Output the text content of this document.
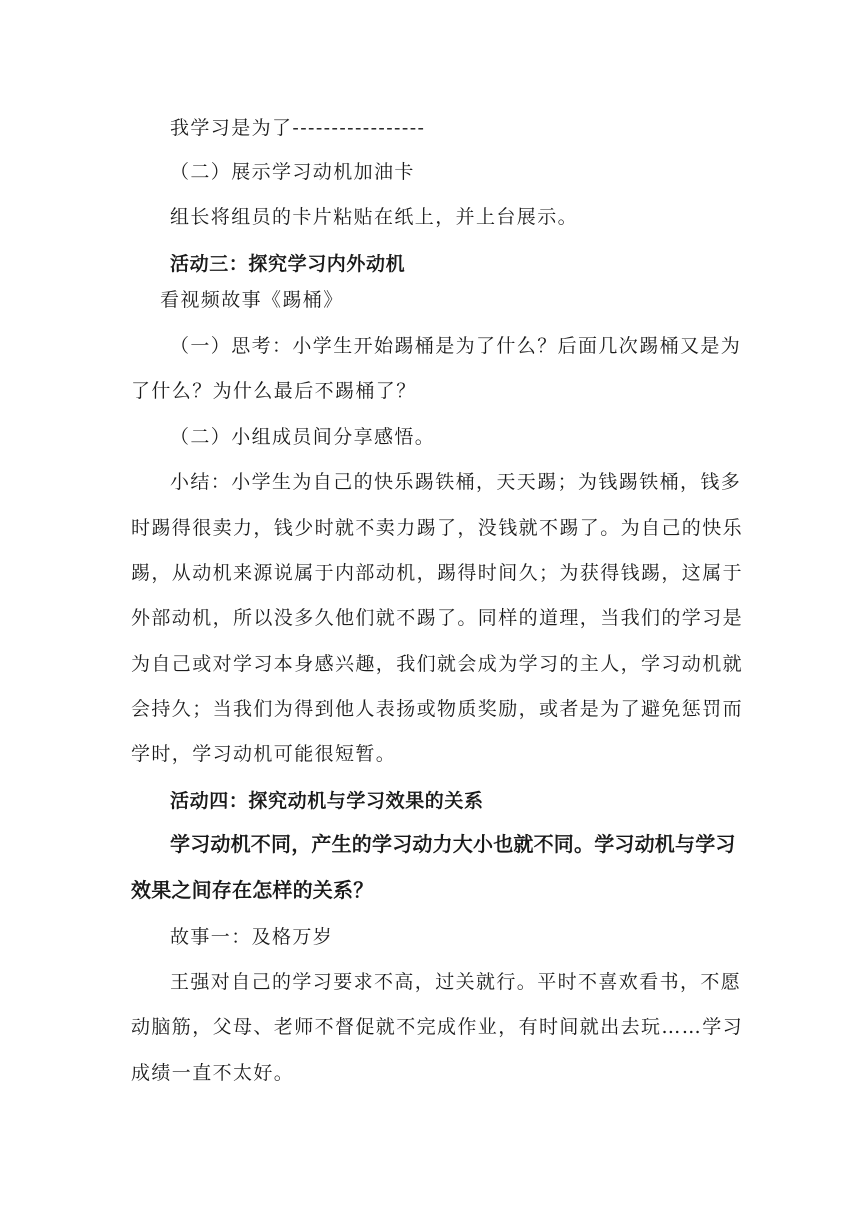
我学习是为了-----------------
（二）展示学习动机加油卡
组长将组员的卡片粘贴在纸上，并上台展示。
活动三：探究学习内外动机
看视频故事《踢桶》
（一）思考：小学生开始踢桶是为了什么？后面几次踢桶又是为
了什么？为什么最后不踢桶了？
（二）小组成员间分享感悟。
小结：小学生为自己的快乐踢铁桶，天天踢；为钱踢铁桶，钱多
时踢得很卖力，钱少时就不卖力踢了，没钱就不踢了。为自己的快乐
踢，从动机来源说属于内部动机，踢得时间久；为获得钱踢，这属于
外部动机，所以没多久他们就不踢了。同样的道理，当我们的学习是
为自己或对学习本身感兴趣，我们就会成为学习的主人，学习动机就
会持久；当我们为得到他人表扬或物质奖励，或者是为了避免惩罚而
学时，学习动机可能很短暂。
活动四：探究动机与学习效果的关系
学习动机不同，产生的学习动力大小也就不同。学习动机与学习
效果之间存在怎样的关系？
故事一：及格万岁
王强对自己的学习要求不高，过关就行。平时不喜欢看书，不愿
动脑筋，父母、老师不督促就不完成作业，有时间就出去玩……学习
成绩一直不太好。
